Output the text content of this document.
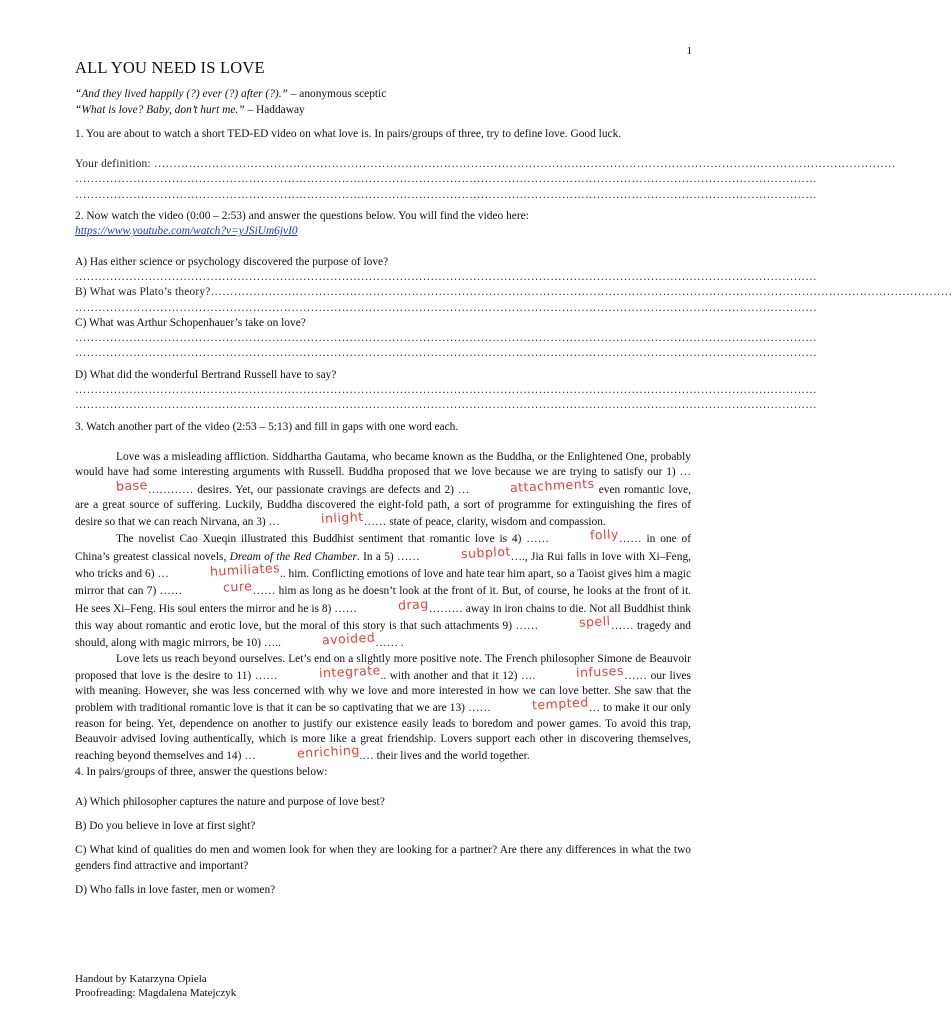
1
ALL YOU NEED IS LOVE

“And they lived happily (?) ever (?) after (?).” – anonymous sceptic

“What is love? Baby, don’t hurt me.” – Haddaway

1. You are about to watch a short TED-ED video on what love is. In pairs/groups of three, try to define love. Good luck.

Your definition: …………………………………………………………………………………………………………………………………………………………………………

…………………………………………………………………………………………………………………………………………………………………………

…………………………………………………………………………………………………………………………………………………………………………

2. Now watch the video (0:00 – 2:53) and answer the questions below. You will find the video here:
https://www.youtube.com/watch?v=yJSiUm6jvI0

A) Has either science or psychology discovered the purpose of love?

…………………………………………………………………………………………………………………………………………………………………………

B) What was Plato’s theory?…………………………………………………………………………………………………………………………………………………………………………

…………………………………………………………………………………………………………………………………………………………………………

C) What was Arthur Schopenhauer’s take on love?

…………………………………………………………………………………………………………………………………………………………………………

…………………………………………………………………………………………………………………………………………………………………………

D) What did the wonderful Bertrand Russell have to say?

…………………………………………………………………………………………………………………………………………………………………………

…………………………………………………………………………………………………………………………………………………………………………

3. Watch another part of the video (2:53 – 5:13) and fill in gaps with one word each.

Love was a misleading affliction. Siddhartha Gautama, who became known as the Buddha, or the Enlightened One, probably would have had some interesting arguments with Russell. Buddha proposed that we love because we are trying to satisfy our 1) …base………… desires. Yet, our passionate cravings are defects and 2) …	attachments even romantic love, are a great source of suffering. Luckily, Buddha discovered the eight-fold path, a sort of programme for extinguishing the fires of desire so that we can reach Nirvana, an 3) …	inlight…… state of peace, clarity, wisdom and compassion.

The novelist Cao Xueqin illustrated this Buddhist sentiment that romantic love is 4) ……	folly…… in one of China’s greatest classical novels, Dream of the Red Chamber. In a 5) ……	subplot…., Jia Rui falls in love with Xi–Feng, who tricks and 6) …	humiliates.. him. Conflicting emotions of love and hate tear him apart, so a Taoist gives him a magic mirror that can 7) ……	cure…… him as long as he doesn’t look at the front of it. But, of course, he looks at the front of it. He sees Xi–Feng. His soul enters the mirror and he is 8) ……	drag……… away in iron chains to die. Not all Buddhist think this way about romantic and erotic love, but the moral of this story is that such attachments 9) ……	spell…… tragedy and should, along with magic mirrors, be 10) …..	avoided…… .

Love lets us reach beyond ourselves. Let’s end on a slightly more positive note. The French philosopher Simone de Beauvoir proposed that love is the desire to 11) ……	integrate.. with another and that it 12) ….	infuses…… our lives with meaning. However, she was less concerned with why we love and more interested in how we can love better. She saw that the problem with traditional romantic love is that it can be so captivating that we are 13) ……	tempted… to make it our only reason for being. Yet, dependence on another to justify our existence easily leads to boredom and power games. To avoid this trap, Beauvoir advised loving authentically, which is more like a great friendship. Lovers support each other in discovering themselves, reaching beyond themselves and 14) …	enriching.… their lives and the world together.

4. In pairs/groups of three, answer the questions below:

A) Which philosopher captures the nature and purpose of love best?

B) Do you believe in love at first sight?

C) What kind of qualities do men and women look for when they are looking for a partner? Are there any differences in what the two genders find attractive and important?

D) Who falls in love faster, men or women?

Handout by Katarzyna Opiela
Proofreading: Magdalena Matejczyk
